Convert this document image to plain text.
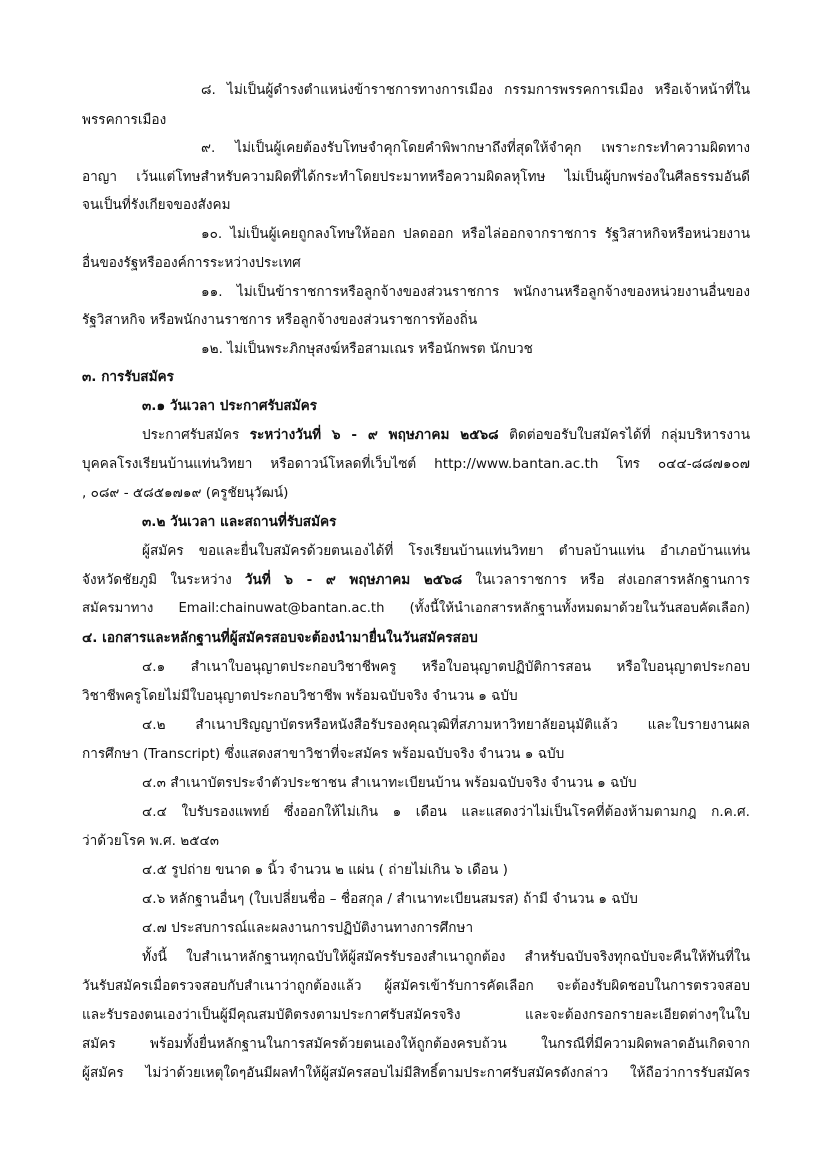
๘. ไม่เป็นผู้ดำรงตำแหน่งข้าราชการทางการเมือง กรรมการพรรคการเมือง หรือเจ้าหน้าที่ใน
พรรคการเมือง
๙. ไม่เป็นผู้เคยต้องรับโทษจำคุกโดยคำพิพากษาถึงที่สุดให้จำคุก เพราะกระทำความผิดทาง
อาญา เว้นแต่โทษสำหรับความผิดที่ได้กระทำโดยประมาทหรือความผิดลหุโทษ ไม่เป็นผู้บกพร่องในศีลธรรมอันดี
จนเป็นที่รังเกียจของสังคม
๑๐. ไม่เป็นผู้เคยถูกลงโทษให้ออก ปลดออก หรือไล่ออกจากราชการ รัฐวิสาหกิจหรือหน่วยงาน
อื่นของรัฐหรือองค์การระหว่างประเทศ
๑๑. ไม่เป็นข้าราชการหรือลูกจ้างของส่วนราชการ พนักงานหรือลูกจ้างของหน่วยงานอื่นของ
รัฐวิสาหกิจ หรือพนักงานราชการ หรือลูกจ้างของส่วนราชการท้องถิ่น
๑๒. ไม่เป็นพระภิกษุสงฆ์หรือสามเณร หรือนักพรต นักบวช
๓. การรับสมัคร
๓.๑ วันเวลา ประกาศรับสมัคร
ประกาศรับสมัคร ระหว่างวันที่ ๖ - ๙ พฤษภาคม ๒๕๖๘ ติดต่อขอรับใบสมัครได้ที่ กลุ่มบริหารงาน
บุคคลโรงเรียนบ้านแท่นวิทยา หรือดาวน์โหลดที่เว็บไซต์ http://www.bantan.ac.th โทร ๐๔๔-๘๘๗๑๐๗
, ๐๘๙ - ๕๘๕๑๗๑๙ (ครูชัยนุวัฒน์)
๓.๒ วันเวลา และสถานที่รับสมัคร
ผู้สมัคร ขอและยื่นใบสมัครด้วยตนเองได้ที่ โรงเรียนบ้านแท่นวิทยา ตำบลบ้านแท่น อำเภอบ้านแท่น
จังหวัดชัยภูมิ ในระหว่าง วันที่ ๖ - ๙ พฤษภาคม ๒๕๖๘ ในเวลาราชการ หรือ ส่งเอกสารหลักฐานการ
สมัครมาทาง Email:chainuwat@bantan.ac.th (ทั้งนี้ให้นำเอกสารหลักฐานทั้งหมดมาด้วยในวันสอบคัดเลือก)
๔. เอกสารและหลักฐานที่ผู้สมัครสอบจะต้องนำมายื่นในวันสมัครสอบ
๔.๑ สำเนาใบอนุญาตประกอบวิชาชีพครู หรือใบอนุญาตปฏิบัติการสอน หรือใบอนุญาตประกอบ
วิชาชีพครูโดยไม่มีใบอนุญาตประกอบวิชาชีพ พร้อมฉบับจริง จำนวน ๑ ฉบับ
๔.๒ สำเนาปริญญาบัตรหรือหนังสือรับรองคุณวุฒิที่สภามหาวิทยาลัยอนุมัติแล้ว และใบรายงานผล
การศึกษา (Transcript) ซึ่งแสดงสาขาวิชาที่จะสมัคร พร้อมฉบับจริง จำนวน ๑ ฉบับ
๔.๓ สำเนาบัตรประจำตัวประชาชน สำเนาทะเบียนบ้าน พร้อมฉบับจริง จำนวน ๑ ฉบับ
๔.๔ ใบรับรองแพทย์ ซึ่งออกให้ไม่เกิน ๑ เดือน และแสดงว่าไม่เป็นโรคที่ต้องห้ามตามกฎ ก.ค.ศ.
ว่าด้วยโรค พ.ศ. ๒๕๔๓
๔.๕ รูปถ่าย ขนาด ๑ นิ้ว จำนวน ๒ แผ่น ( ถ่ายไม่เกิน ๖ เดือน )
๔.๖ หลักฐานอื่นๆ (ใบเปลี่ยนชื่อ – ชื่อสกุล / สำเนาทะเบียนสมรส) ถ้ามี จำนวน ๑ ฉบับ
๔.๗ ประสบการณ์และผลงานการปฏิบัติงานทางการศึกษา
ทั้งนี้ ใบสำเนาหลักฐานทุกฉบับให้ผู้สมัครรับรองสำเนาถูกต้อง สำหรับฉบับจริงทุกฉบับจะคืนให้ทันที่ใน
วันรับสมัครเมื่อตรวจสอบกับสำเนาว่าถูกต้องแล้ว ผู้สมัครเข้ารับการคัดเลือก จะต้องรับผิดชอบในการตรวจสอบ
และรับรองตนเองว่าเป็นผู้มีคุณสมบัติตรงตามประกาศรับสมัครจริง และจะต้องกรอกรายละเอียดต่างๆในใบ
สมัคร พร้อมทั้งยื่นหลักฐานในการสมัครด้วยตนเองให้ถูกต้องครบถ้วน ในกรณีที่มีความผิดพลาดอันเกิดจาก
ผู้สมัคร ไม่ว่าด้วยเหตุใดๆอันมีผลทำให้ผู้สมัครสอบไม่มีสิทธิ์ตามประกาศรับสมัครดังกล่าว ให้ถือว่าการรับสมัคร
